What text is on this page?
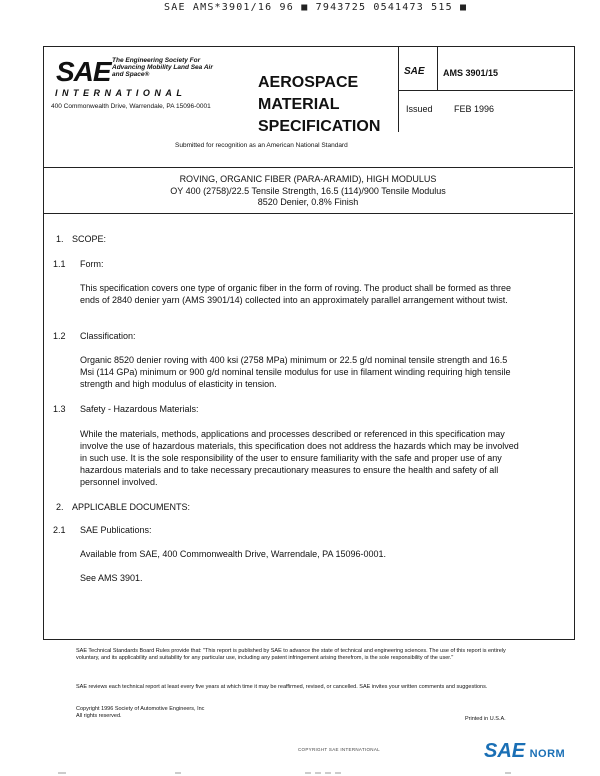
SAE AMS*3901/16 96 ■ 7943725 0541473 515 ■
SAE The Engineering Society For Advancing Mobility Land Sea Air and Space®
INTERNATIONAL
400 Commonwealth Drive, Warrendale, PA 15096-0001
AEROSPACE
MATERIAL
SPECIFICATION
SAE AMS 3901/15
Issued FEB 1996
Submitted for recognition as an American National Standard
ROVING, ORGANIC FIBER (PARA-ARAMID), HIGH MODULUS
OY 400 (2758)/22.5 Tensile Strength, 16.5 (114)/900 Tensile Modulus
8520 Denier, 0.8% Finish
1. SCOPE:
1.1 Form:
This specification covers one type of organic fiber in the form of roving. The product shall be formed as three ends of 2840 denier yarn (AMS 3901/14) collected into an approximately parallel arrangement without twist.
1.2 Classification:
Organic 8520 denier roving with 400 ksi (2758 MPa) minimum or 22.5 g/d nominal tensile strength and 16.5 Msi (114 GPa) minimum or 900 g/d nominal tensile modulus for use in filament winding requiring high tensile strength and high modulus of elasticity in tension.
1.3 Safety - Hazardous Materials:
While the materials, methods, applications and processes described or referenced in this specification may involve the use of hazardous materials, this specification does not address the hazards which may be involved in such use. It is the sole responsibility of the user to ensure familiarity with the safe and proper use of any hazardous materials and to take necessary precautionary measures to ensure the health and safety of all personnel involved.
2. APPLICABLE DOCUMENTS:
2.1 SAE Publications:
Available from SAE, 400 Commonwealth Drive, Warrendale, PA 15096-0001.
See AMS 3901.
SAE Technical Standards Board Rules provide that: "This report is published by SAE to advance the state of technical and engineering sciences. The use of this report is entirely voluntary, and its applicability and suitability for any particular use, including any patent infringement arising therefrom, is the sole responsibility of the user."
SAE reviews each technical report at least every five years at which time it may be reaffirmed, revised, or cancelled. SAE invites your written comments and suggestions.
Copyright 1996 Society of Automotive Engineers, Inc
All rights reserved.	Printed in U.S.A.
COPYRIGHT SAE INTERNATIONAL	SAE NORM
